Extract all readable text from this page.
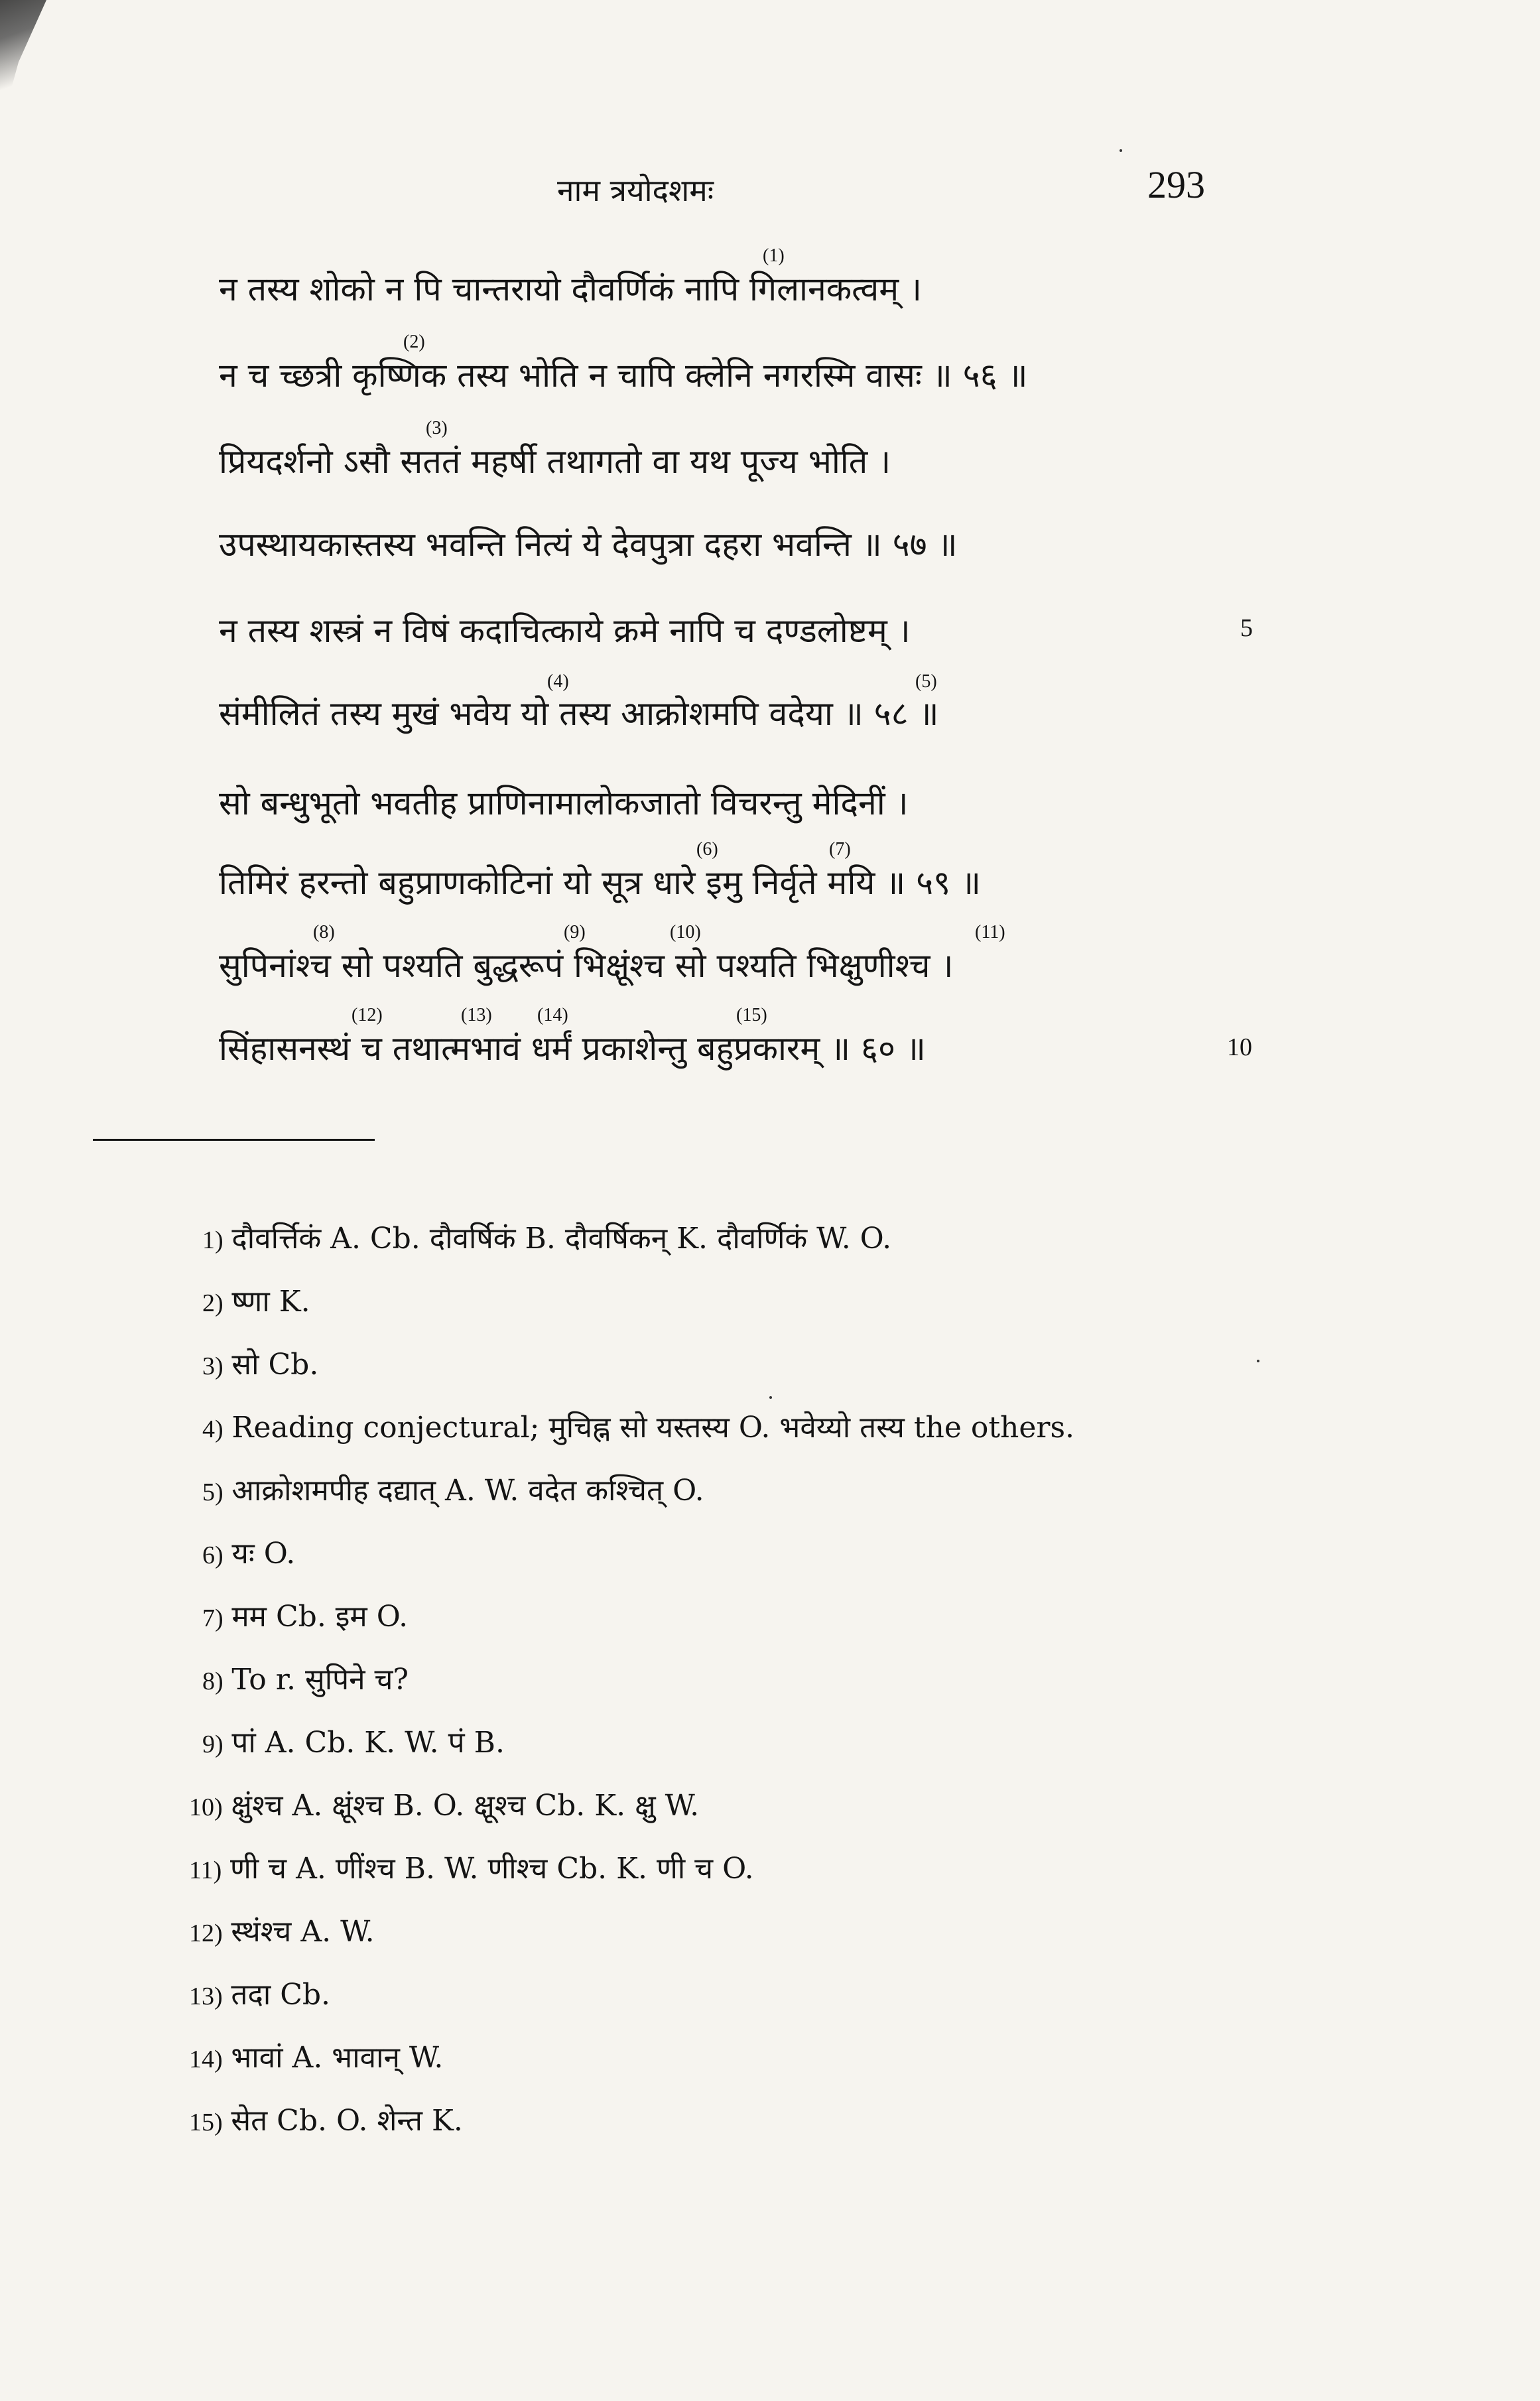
नाम त्रयोदशमः	293
न तस्य शोको न पि चान्तरायो दौवर्णिकं नापि गिलानकत्वम् ।
(1)
न च च्छत्री कृष्णिक तस्य भोति न चापि क्लेनि नगरस्मि वासः ॥ ५६ ॥
(2)
प्रियदर्शनो ऽसौ सततं महर्षी तथागतो वा यथ पूज्य भोति ।
(3)
उपस्थायकास्तस्य भवन्ति नित्यं ये देवपुत्रा दहरा भवन्ति ॥ ५७ ॥
न तस्य शस्त्रं न विषं कदाचित्काये क्रमे नापि च दण्डलोष्टम् ।	5
संमीलितं तस्य मुखं भवेय यो तस्य आक्रोशमपि वदेया ॥ ५८ ॥
(4)	(5)
सो बन्धुभूतो भवतीह प्राणिनामालोकजातो विचरन्तु मेदिनीं ।
तिमिरं हरन्तो बहुप्राणकोटिनां यो सूत्र धारे इमु निर्वृते मयि ॥ ५९ ॥
(6)	(7)
सुपिनांश्च सो पश्यति बुद्धरूपं भिक्षूंश्च सो पश्यति भिक्षुणीश्च ।
(8)	(9)	(10)	(11)
सिंहासनस्थं च तथात्मभावं धर्मं प्रकाशेन्तु बहुप्रकारम् ॥ ६० ॥
(12)	(13) (14)	(15)
10
1) दौवर्त्तिकं A. Cb. दौवर्षिकं B. दौवर्षिकन् K. दौवर्णिकं W. O.
2) ष्णा K.
3) सो Cb.
4) Reading conjectural; मुचिह्न सो यस्तस्य O. भवेय्यो तस्य the others.
5) आक्रोशमपीह दद्यात् A. W. वदेत कश्चित् O.
6) यः O.
7) मम Cb. इम O.
8) To r. सुपिने च?
9) पां A. Cb. K. W. पं B.
10) क्षुंश्च A. क्षूंश्च B. O. क्षूश्च Cb. K. क्षु W.
11) णी च A. णींश्च B. W. णीश्च Cb. K. णी च O.
12) स्थंश्च A. W.
13) तदा Cb.
14) भावां A. भावान् W.
15) सेत Cb. O. शेन्त K.
